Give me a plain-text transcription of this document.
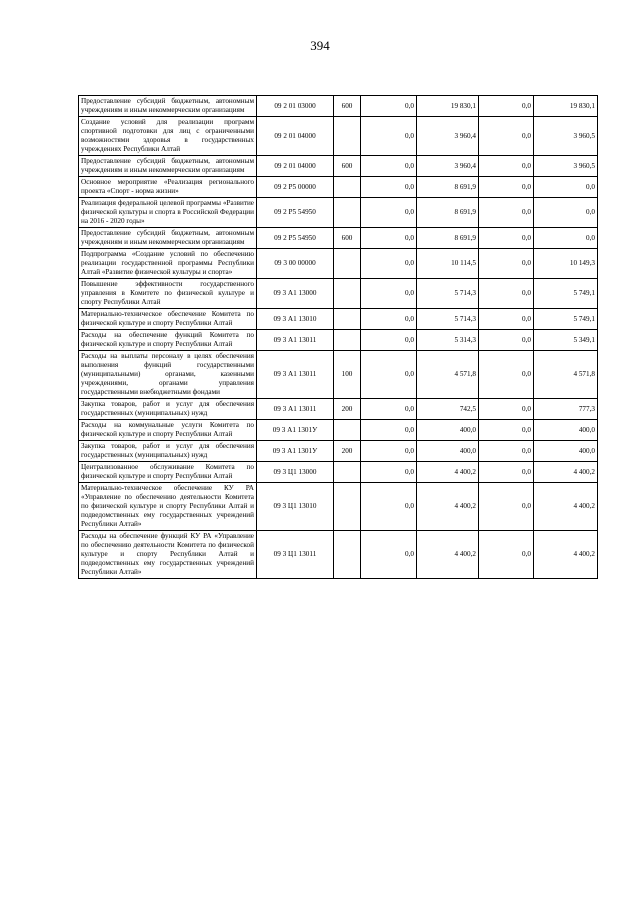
394
Предоставление субсидий бюджетным, автономным учреждениям и иным некоммерческим организациям	09 2 01 03000	600	0,0	19 830,1	0,0	19 830,1
Создание условий для реализации программ спортивной подготовки для лиц с ограниченными возможностями здоровья в государственных учреждениях Республики Алтай	09 2 01 04000		0,0	3 960,4	0,0	3 960,5
Предоставление субсидий бюджетным, автономным учреждениям и иным некоммерческим организациям	09 2 01 04000	600	0,0	3 960,4	0,0	3 960,5
Основное мероприятие «Реализация регионального проекта «Спорт - норма жизни»	09 2 P5 00000		0,0	8 691,9	0,0	0,0
Реализация федеральной целевой программы «Развитие физической культуры и спорта в Российской Федерации на 2016 - 2020 годы»	09 2 P5 54950		0,0	8 691,9	0,0	0,0
Предоставление субсидий бюджетным, автономным учреждениям и иным некоммерческим организациям	09 2 P5 54950	600	0,0	8 691,9	0,0	0,0
Подпрограмма «Создание условий по обеспечению реализации государственной программы Республики Алтай «Развитие физической культуры и спорта»	09 3 00 00000		0,0	10 114,5	0,0	10 149,3
Повышение эффективности государственного управления в Комитете по физической культуре и спорту Республики Алтай	09 3 А1 13000		0,0	5 714,3	0,0	5 749,1
Материально-техническое обеспечение Комитета по физической культуре и спорту Республики Алтай	09 3 А1 13010		0,0	5 714,3	0,0	5 749,1
Расходы на обеспечение функций Комитета по физической культуре и спорту Республики Алтай	09 3 А1 13011		0,0	5 314,3	0,0	5 349,1
Расходы на выплаты персоналу в целях обеспечения выполнения функций государственными (муниципальными) органами, казенными учреждениями, органами управления государственными внебюджетными фондами	09 3 А1 13011	100	0,0	4 571,8	0,0	4 571,8
Закупка товаров, работ и услуг для обеспечения государственных (муниципальных) нужд	09 3 А1 13011	200	0,0	742,5	0,0	777,3
Расходы на коммунальные услуги Комитета по физической культуре и спорту Республики Алтай	09 3 А1 1301У		0,0	400,0	0,0	400,0
Закупка товаров, работ и услуг для обеспечения государственных (муниципальных) нужд	09 3 А1 1301У	200	0,0	400,0	0,0	400,0
Централизованное обслуживание Комитета по физической культуре и спорту Республики Алтай	09 3 Ц1 13000		0,0	4 400,2	0,0	4 400,2
Материально-техническое обеспечение КУ РА «Управление по обеспечению деятельности Комитета по физической культуре и спорту Республики Алтай и подведомственных ему государственных учреждений Республики Алтай»	09 3 Ц1 13010		0,0	4 400,2	0,0	4 400,2
Расходы на обеспечение функций КУ РА «Управление по обеспечению деятельности Комитета по физической культуре и спорту Республики Алтай и подведомственных ему государственных учреждений Республики Алтай»	09 3 Ц1 13011		0,0	4 400,2	0,0	4 400,2
